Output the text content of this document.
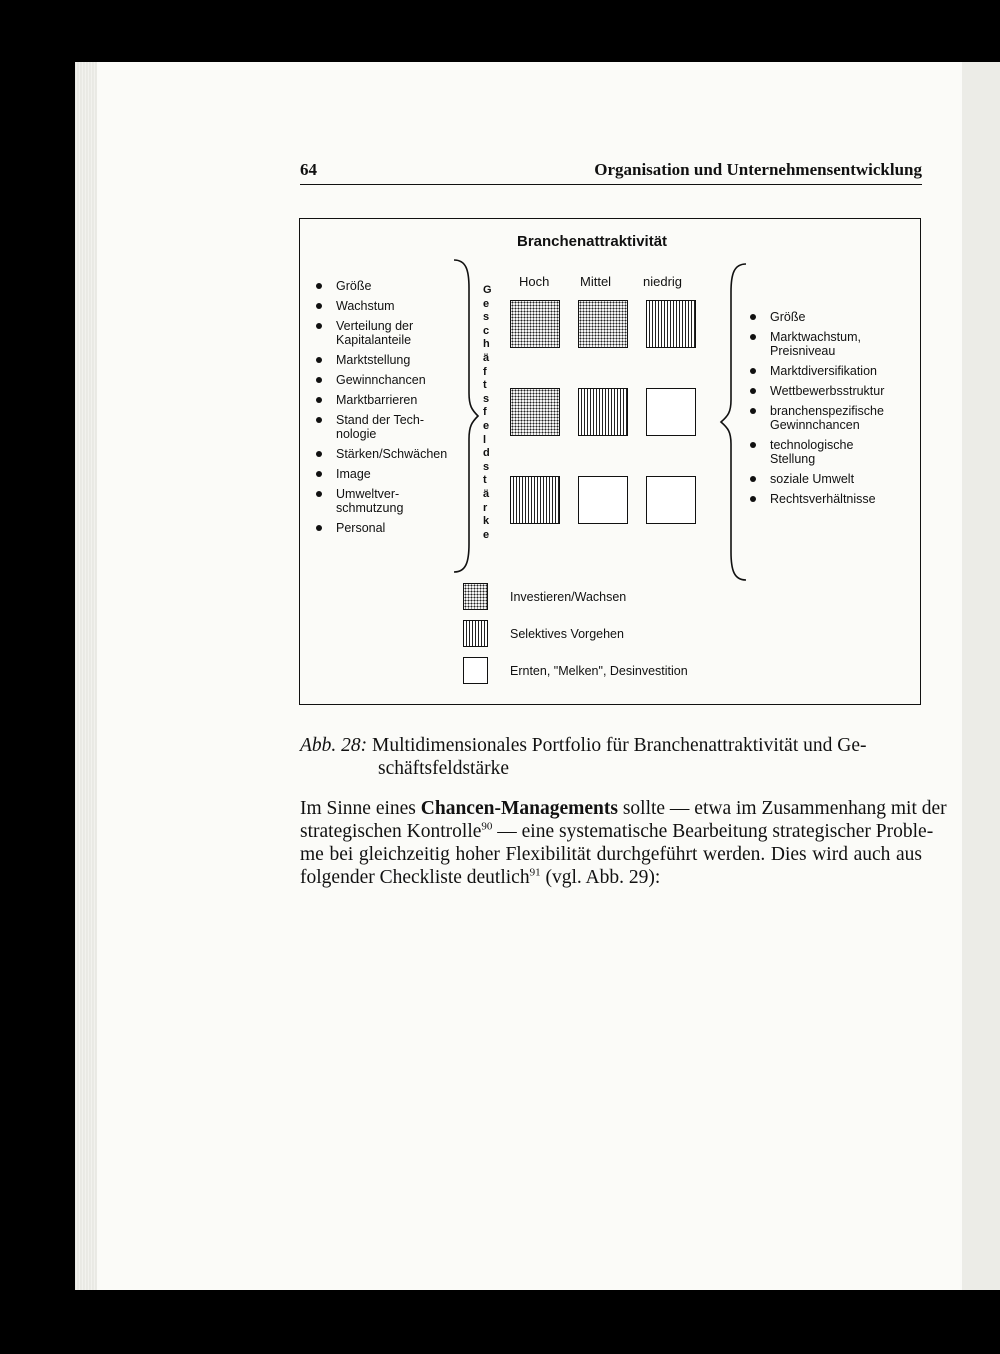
64	Organisation und Unternehmensentwicklung
Branchenattraktivität
Hoch Mittel niedrig
Größe
Wachstum
Verteilung der Kapitalanteile
Marktstellung
Gewinnchancen
Marktbarrieren
Stand der Tech- nologie
Stärken/Schwächen
Image
Umweltver- schmutzung
Personal
G
e
s
c
h
ä
f
t
s
f
e
l
d
s
t
ä
r
k
e
Größe
Marktwachstum, Preisniveau
Marktdiversifikation
Wettbewerbsstruktur
branchenspezifische Gewinnchancen
technologische Stellung
soziale Umwelt
Rechtsverhältnisse
Investieren/Wachsen
Selektives Vorgehen
Ernten, "Melken", Desinvestition
Abb. 28: Multidimensionales Portfolio für Branchenattraktivität und Ge-
schäftsfeldstärke
Im Sinne eines Chancen-Managements sollte — etwa im Zusammenhang mit der
strategischen Kontrolle$^{90}$ — eine systematische Bearbeitung strategischer Proble-
me bei gleichzeitig hoher Flexibilität durchgeführt werden. Dies wird auch aus
folgender Checkliste deutlich$^{91}$ (vgl. Abb. 29):
